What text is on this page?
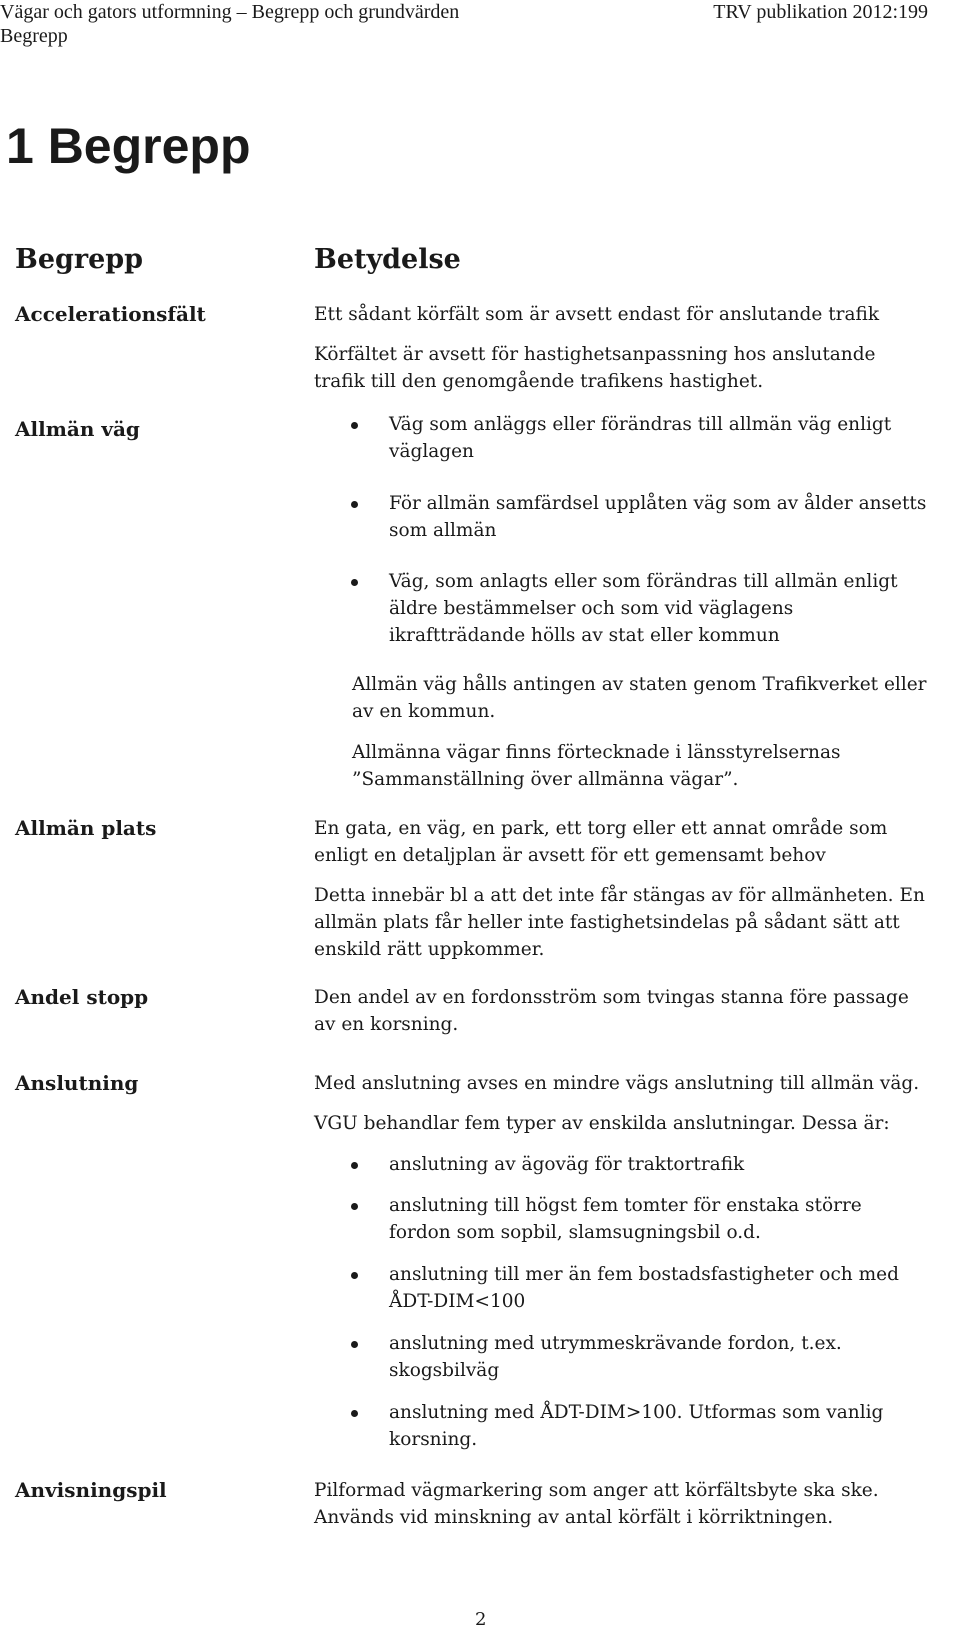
Vägar och gators utformning – Begrepp och grundvärden	TRV publikation 2012:199
Begrepp
1 Begrepp
Begrepp	Betydelse
Accelerationsfält	Ett sådant körfält som är avsett endast för anslutande trafik
Körfältet är avsett för hastighetsanpassning hos anslutande
trafik till den genomgående trafikens hastighet.
Allmän väg	Väg som anläggs eller förändras till allmän väg enligt
väglagen
För allmän samfärdsel upplåten väg som av ålder ansetts
som allmän
Väg, som anlagts eller som förändras till allmän enligt
äldre bestämmelser och som vid väglagens
ikraftträdande hölls av stat eller kommun
Allmän väg hålls antingen av staten genom Trafikverket eller
av en kommun.
Allmänna vägar finns förtecknade i länsstyrelsernas
”Sammanställning över allmänna vägar”.
Allmän plats	En gata, en väg, en park, ett torg eller ett annat område som
enligt en detaljplan är avsett för ett gemensamt behov
Detta innebär bl a att det inte får stängas av för allmänheten. En
allmän plats får heller inte fastighetsindelas på sådant sätt att
enskild rätt uppkommer.
Andel stopp	Den andel av en fordonsström som tvingas stanna före passage
av en korsning.
Anslutning	Med anslutning avses en mindre vägs anslutning till allmän väg.
VGU behandlar fem typer av enskilda anslutningar. Dessa är:
anslutning av ägoväg för traktortrafik
anslutning till högst fem tomter för enstaka större
fordon som sopbil, slamsugningsbil o.d.
anslutning till mer än fem bostadsfastigheter och med
ÅDT-DIM<100
anslutning med utrymmeskrävande fordon, t.ex.
skogsbilväg
anslutning med ÅDT-DIM>100. Utformas som vanlig
korsning.
Anvisningspil	Pilformad vägmarkering som anger att körfältsbyte ska ske.
Används vid minskning av antal körfält i körriktningen.
2
